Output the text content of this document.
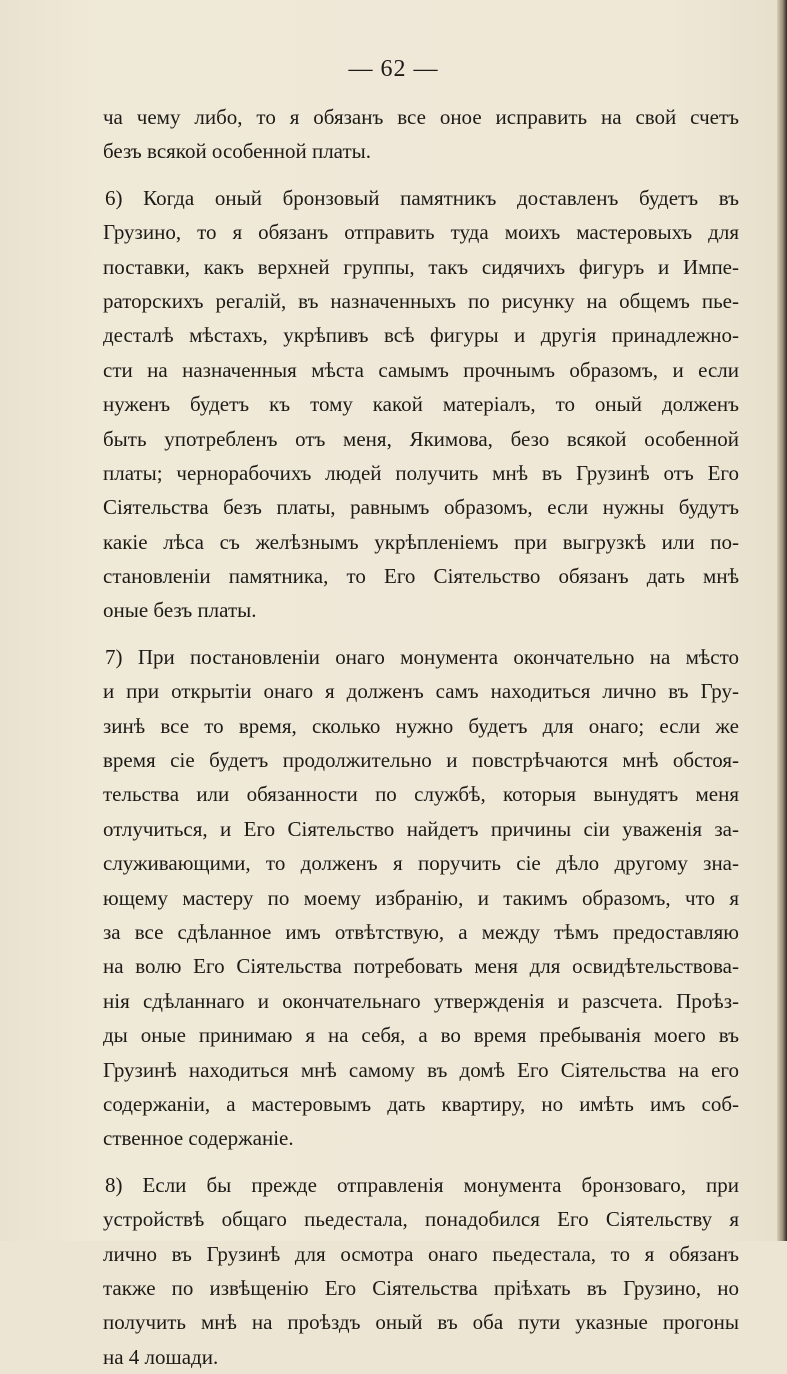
— 62 —
ча чему либо, то я обязанъ все оное исправить на свой счетъ
безъ всякой особенной платы.
6) Когда оный бронзовый памятникъ доставленъ будетъ въ
Грузино, то я обязанъ отправить туда моихъ мастеровыхъ для
поставки, какъ верхней группы, такъ сидячихъ фигуръ и Импе-
раторскихъ регалій, въ назначенныхъ по рисунку на общемъ пье-
десталѣ мѣстахъ, укрѣпивъ всѣ фигуры и другія принадлежно-
сти на назначенныя мѣста самымъ прочнымъ образомъ, и если
нуженъ будетъ къ тому какой матеріалъ, то оный долженъ
быть употребленъ отъ меня, Якимова, безо всякой особенной
платы; чернорабочихъ людей получить мнѣ въ Грузинѣ отъ Его
Сіятельства безъ платы, равнымъ образомъ, если нужны будутъ
какіе лѣса съ желѣзнымъ укрѣпленіемъ при выгрузкѣ или по-
становленіи памятника, то Его Сіятельство обязанъ дать мнѣ
оные безъ платы.
7) При постановленіи онаго монумента окончательно на мѣсто
и при открытіи онаго я долженъ самъ находиться лично въ Гру-
зинѣ все то время, сколько нужно будетъ для онаго; если же
время сіе будетъ продолжительно и повстрѣчаются мнѣ обстоя-
тельства или обязанности по службѣ, которыя вынудятъ меня
отлучиться, и Его Сіятельство найдетъ причины сіи уваженія за-
служивающими, то долженъ я поручить сіе дѣло другому зна-
ющему мастеру по моему избранію, и такимъ образомъ, что я
за все сдѣланное имъ отвѣтствую, а между тѣмъ предоставляю
на волю Его Сіятельства потребовать меня для освидѣтельствова-
нія сдѣланнаго и окончательнаго утвержденія и разсчета. Проѣз-
ды оные принимаю я на себя, а во время пребыванія моего въ
Грузинѣ находиться мнѣ самому въ домѣ Его Сіятельства на его
содержаніи, а мастеровымъ дать квартиру, но имѣть имъ соб-
ственное содержаніе.
8) Если бы прежде отправленія монумента бронзоваго, при
устройствѣ общаго пьедестала, понадобился Его Сіятельству я
лично въ Грузинѣ для осмотра онаго пьедестала, то я обязанъ
также по извѣщенію Его Сіятельства пріѣхать въ Грузино, но
получить мнѣ на проѣздъ оный въ оба пути указные прогоны
на 4 лошади.
